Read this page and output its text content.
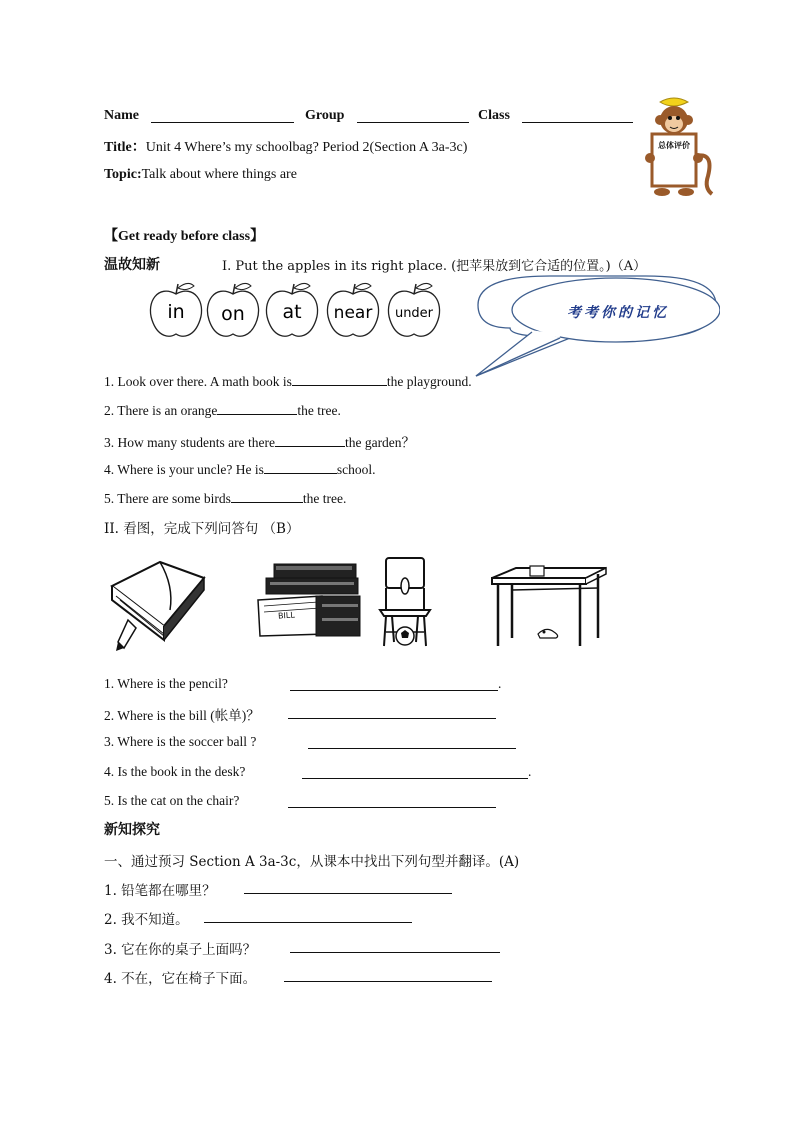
Name	Group	Class
Title：Unit 4 Where’s my schoolbag? Period 2(Section A 3a-3c)
Topic:Talk about where things are
总体评价
【Get ready before class】
温故知新	I. Put the apples in its right place. (把苹果放到它合适的位置。)（A）
in on at near under	考考你的记忆
1. Look over there. A math book is	the playground.
2. There is an orange	the tree.
3. How many students are there	the garden？
4. Where is your uncle? He is	school.
5. There are some birds	the tree.
II. 看图，完成下列问答句 （B）
BILL
1. Where is the pencil?	.
2. Where is the bill (帐单)？
3. Where is the soccer ball ?
4. Is the book in the desk?	.
5. Is the cat on the chair?
新知探究
一、通过预习 Section A 3a-3c，从课本中找出下列句型并翻译。(A)
1. 铅笔都在哪里？
2. 我不知道。
3. 它在你的桌子上面吗？
4. 不在，它在椅子下面。
